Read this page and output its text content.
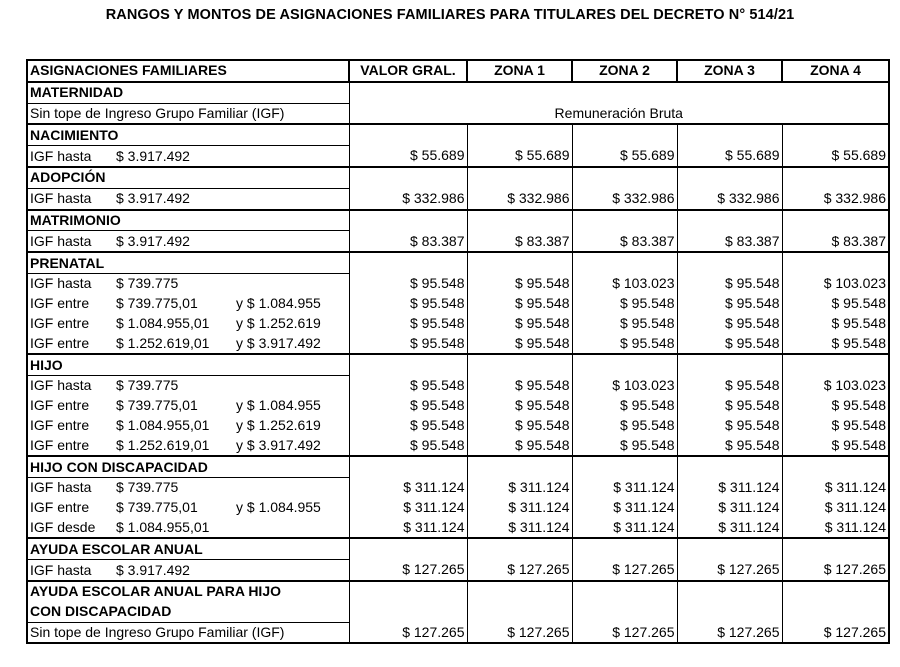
RANGOS Y MONTOS DE ASIGNACIONES FAMILIARES PARA TITULARES DEL DECRETO N° 514/21
ASIGNACIONES FAMILIARES	VALOR GRAL.	ZONA 1	ZONA 2	ZONA 3	ZONA 4
MATERNIDAD					
Sin tope de Ingreso Grupo Familiar (IGF)	Remuneración Bruta				
NACIMIENTO					
IGF hasta $ 3.917.492	$ 55.689	$ 55.689	$ 55.689	$ 55.689	$ 55.689
ADOPCIÓN					
IGF hasta $ 3.917.492	$ 332.986	$ 332.986	$ 332.986	$ 332.986	$ 332.986
MATRIMONIO					
IGF hasta $ 3.917.492	$ 83.387	$ 83.387	$ 83.387	$ 83.387	$ 83.387
PRENATAL					
IGF hasta $ 739.775	$ 95.548	$ 95.548	$ 103.023	$ 95.548	$ 103.023
IGF entre $ 739.775,01 y $ 1.084.955	$ 95.548	$ 95.548	$ 95.548	$ 95.548	$ 95.548
IGF entre $ 1.084.955,01 y $ 1.252.619	$ 95.548	$ 95.548	$ 95.548	$ 95.548	$ 95.548
IGF entre $ 1.252.619,01 y $ 3.917.492	$ 95.548	$ 95.548	$ 95.548	$ 95.548	$ 95.548
HIJO					
IGF hasta $ 739.775	$ 95.548	$ 95.548	$ 103.023	$ 95.548	$ 103.023
IGF entre $ 739.775,01 y $ 1.084.955	$ 95.548	$ 95.548	$ 95.548	$ 95.548	$ 95.548
IGF entre $ 1.084.955,01 y $ 1.252.619	$ 95.548	$ 95.548	$ 95.548	$ 95.548	$ 95.548
IGF entre $ 1.252.619,01 y $ 3.917.492	$ 95.548	$ 95.548	$ 95.548	$ 95.548	$ 95.548
HIJO CON DISCAPACIDAD					
IGF hasta $ 739.775	$ 311.124	$ 311.124	$ 311.124	$ 311.124	$ 311.124
IGF entre $ 739.775,01 y $ 1.084.955	$ 311.124	$ 311.124	$ 311.124	$ 311.124	$ 311.124
IGF desde $ 1.084.955,01	$ 311.124	$ 311.124	$ 311.124	$ 311.124	$ 311.124
AYUDA ESCOLAR ANUAL					
IGF hasta $ 3.917.492	$ 127.265	$ 127.265	$ 127.265	$ 127.265	$ 127.265
AYUDA ESCOLAR ANUAL PARA HIJO					
CON DISCAPACIDAD					
Sin tope de Ingreso Grupo Familiar (IGF)	$ 127.265	$ 127.265	$ 127.265	$ 127.265	$ 127.265
